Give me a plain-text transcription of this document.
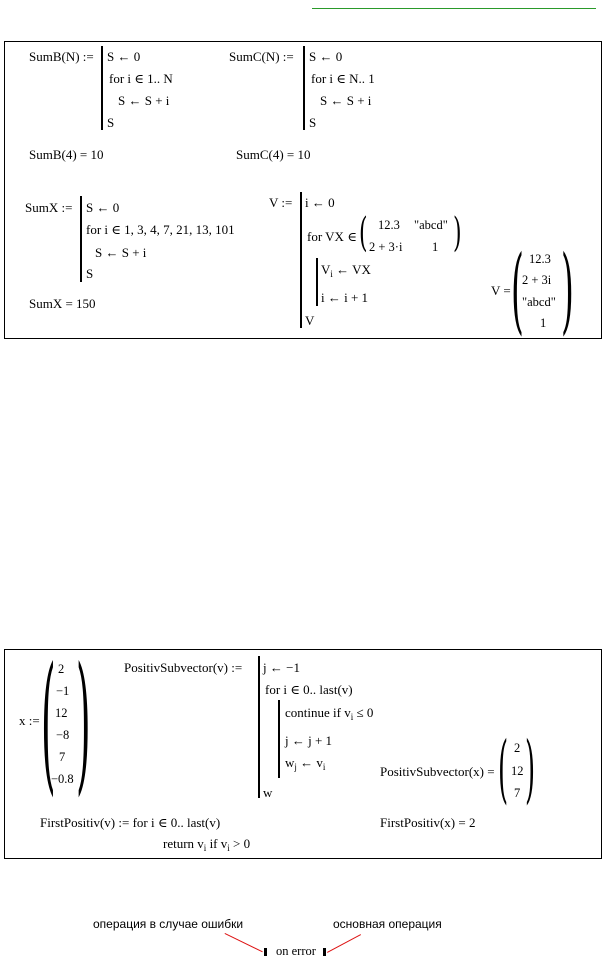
SumB(N) := S ← 0
for i ∈ 1.. N
S ← S + i
S
SumC(N) := S ← 0
for i ∈ N.. 1
S ← S + i
S
SumB(4) = 10	SumC(4) = 10
SumX := S ← 0
for i ∈ 1, 3, 4, 7, 21, 13, 101
S ← S + i
S
SumX = 150
V := i ← 0
for VX ∈ ( 12.3 "abcd"
2 + 3·i 1 )
$V_i$ ← VX
i ← i + 1
V
V = ( 12.3
2 + 3i
"abcd"
1 )
x := ( 2
−1
12
−8
7
−0.8 )	PositivSubvector(v) := j ← −1
for i ∈ 0.. last(v)
continue if $v_i \le 0$
j ← j + 1
$w_j$ ← $v_i$
w
PositivSubvector(x) = ( 2
12
7 )
FirstPositiv(v) := for i ∈ 0.. last(v)
return $v_i$ if $v_i > 0$
FirstPositiv(x) = 2
операция в случае ошибки	основная операция
on error
